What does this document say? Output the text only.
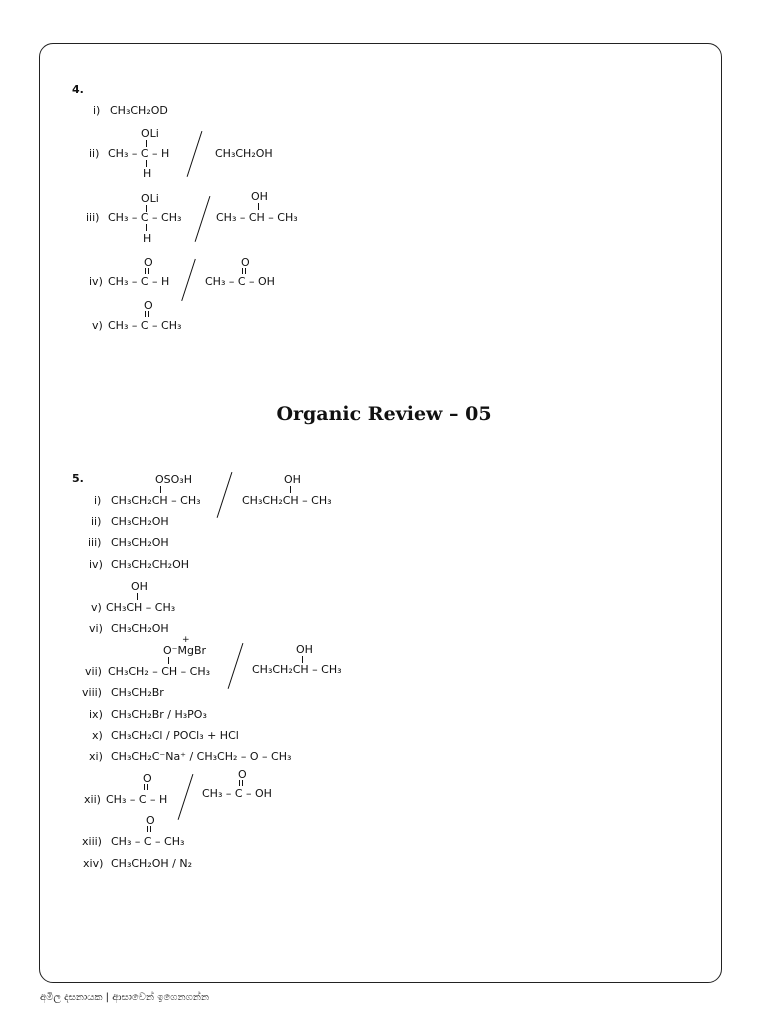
4.
i) CH₃CH₂OD
OLi
ii) CH₃ – C – H
H
CH₃CH₂OH
OLi
iii) CH₃ – C – CH₃
H
OH
CH₃ – CH – CH₃
O
iv) CH₃ – C – H
O
CH₃ – C – OH
O
v) CH₃ – C – CH₃
Organic Review – 05
5.	OSO₃H
i) CH₃CH₂CH – CH₃
OH
CH₃CH₂CH – CH₃
ii) CH₃CH₂OH
iii) CH₃CH₂OH
iv) CH₃CH₂CH₂OH
OH
v) CH₃CH – CH₃
vi) CH₃CH₂OH
+
O⁻MgBr
vii) CH₃CH₂ – CH – CH₃
OH
CH₃CH₂CH – CH₃
viii) CH₃CH₂Br
ix) CH₃CH₂Br / H₃PO₃
x) CH₃CH₂Cl / POCl₃ + HCl
xi) CH₃CH₂C⁻Na⁺ / CH₃CH₂ – O – CH₃
O
xii) CH₃ – C – H
O
CH₃ – C – OH
O
xiii) CH₃ – C – CH₃
xiv) CH₃CH₂OH / N₂
අමිල දසනායක | ආසාවෙන් ඉගෙනගන්න
